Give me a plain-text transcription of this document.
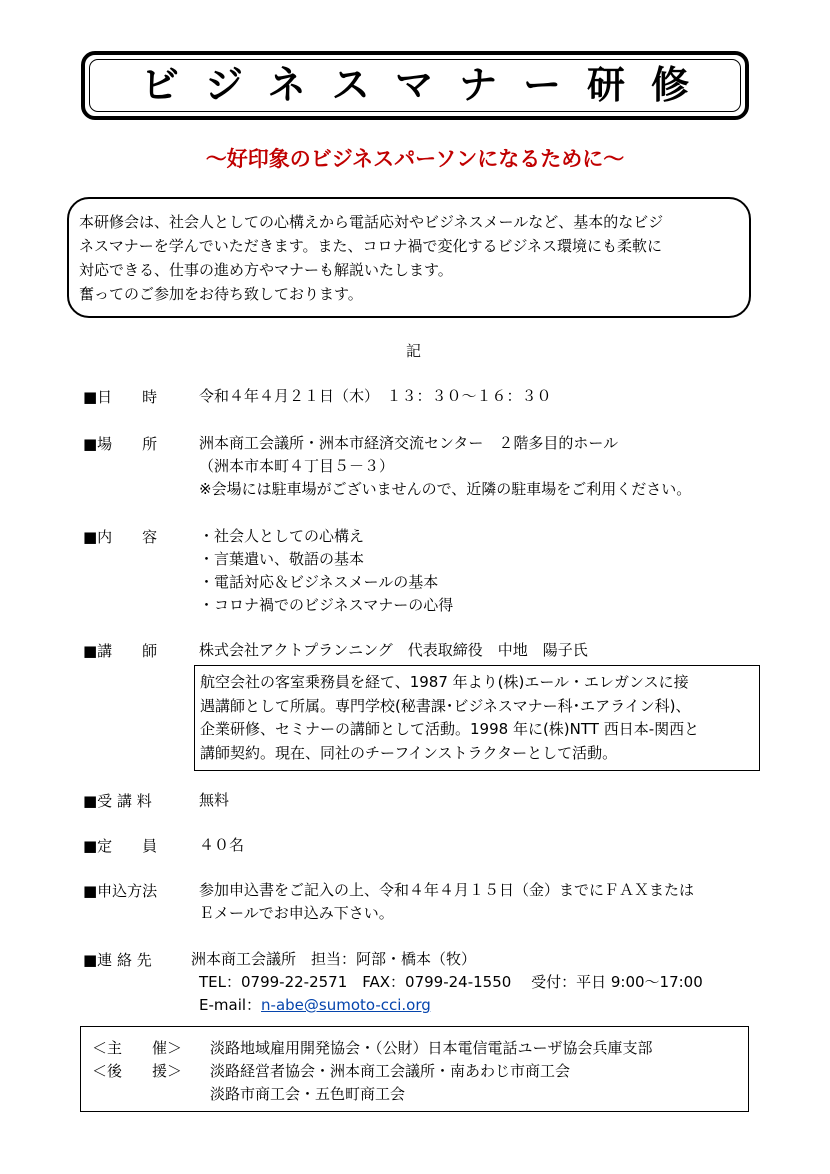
ビジネスマナー研修
～好印象のビジネスパーソンになるために～
本研修会は、社会人としての心構えから電話応対やビジネスメールなど、基本的なビジ
ネスマナーを学んでいただきます。また、コロナ禍で変化するビジネス環境にも柔軟に
対応できる、仕事の進め方やマナーも解説いたします。
奮ってのご参加をお待ち致しております。
記
■日　　時	令和４年４月２１日（木）　１３：３０～１６：３０
■場　　所	洲本商工会議所・洲本市経済交流センター　２階多目的ホール
（洲本市本町４丁目５－３）
※会場には駐車場がございませんので、近隣の駐車場をご利用ください。
■内　　容	・社会人としての心構え
・言葉遣い、敬語の基本
・電話対応＆ビジネスメールの基本
・コロナ禍でのビジネスマナーの心得
■講　　師	株式会社アクトプランニング　代表取締役　中地　陽子氏
航空会社の客室乗務員を経て、1987 年より(株)エール・エレガンスに接
遇講師として所属。専門学校(秘書課･ビジネスマナー科･エアライン科)、
企業研修、セミナーの講師として活動。1998 年に(株)NTT 西日本-関西と
講師契約。現在、同社のチーフインストラクターとして活動。
■受 講 料	無料
■定　　員	４０名
■申込方法	参加申込書をご記入の上、令和４年４月１５日（金）までにＦＡＸまたは
Ｅメールでお申込み下さい。
■連 絡 先	洲本商工会議所　担当：阿部・橋本（牧）
TEL：0799-22-2571　FAX：0799-24-1550　 受付：平日 9:00～17:00
E-mail：n-abe@sumoto-cci.org
＜主　　催＞ 淡路地域雇用開発協会・（公財）日本電信電話ユーザ協会兵庫支部
＜後　　援＞ 淡路経営者協会・洲本商工会議所・南あわじ市商工会
淡路市商工会・五色町商工会
